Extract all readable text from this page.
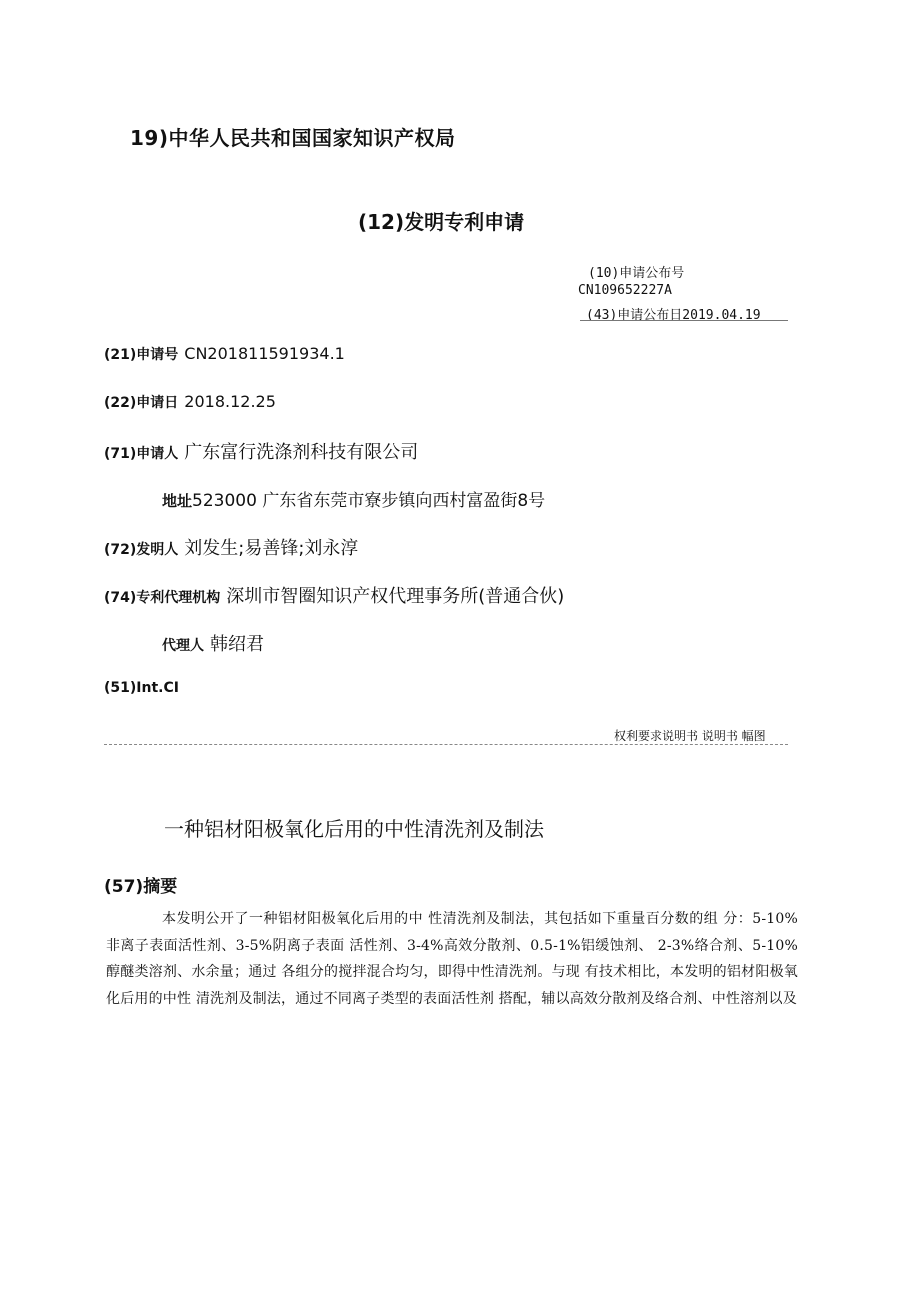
19)中华人民共和国国家知识产权局
(12)发明专利申请
(10)申请公布号
CN109652227A
(43)申请公布日2019.04.19
(21)申请号 CN201811591934.1
(22)申请日 2018.12.25
(71)申请人 广东富行洗涤剂科技有限公司
地址523000 广东省东莞市寮步镇向西村富盈街8号
(72)发明人 刘发生;易善锋;刘永淳
(74)专利代理机构 深圳市智圈知识产权代理事务所(普通合伙)
代理人 韩绍君
(51)Int.CI
权利要求说明书 说明书 幅图
一种铝材阳极氧化后用的中性清洗剂及制法
(57)摘要
本发明公开了一种铝材阳极氧化后用的中 性清洗剂及制法，其包括如下重量百分数的组 分：5-10%非离子表面活性剂、3-5%阴离子表面 活性剂、3-4%高效分散剂、0.5-1%铝缓蚀剂、 2-3%络合剂、5-10%醇醚类溶剂、水余量；通过 各组分的搅拌混合均匀，即得中性清洗剂。与现 有技术相比，本发明的铝材阳极氧化后用的中性 清洗剂及制法，通过不同离子类型的表面活性剂 搭配，辅以高效分散剂及络合剂、中性溶剂以及
